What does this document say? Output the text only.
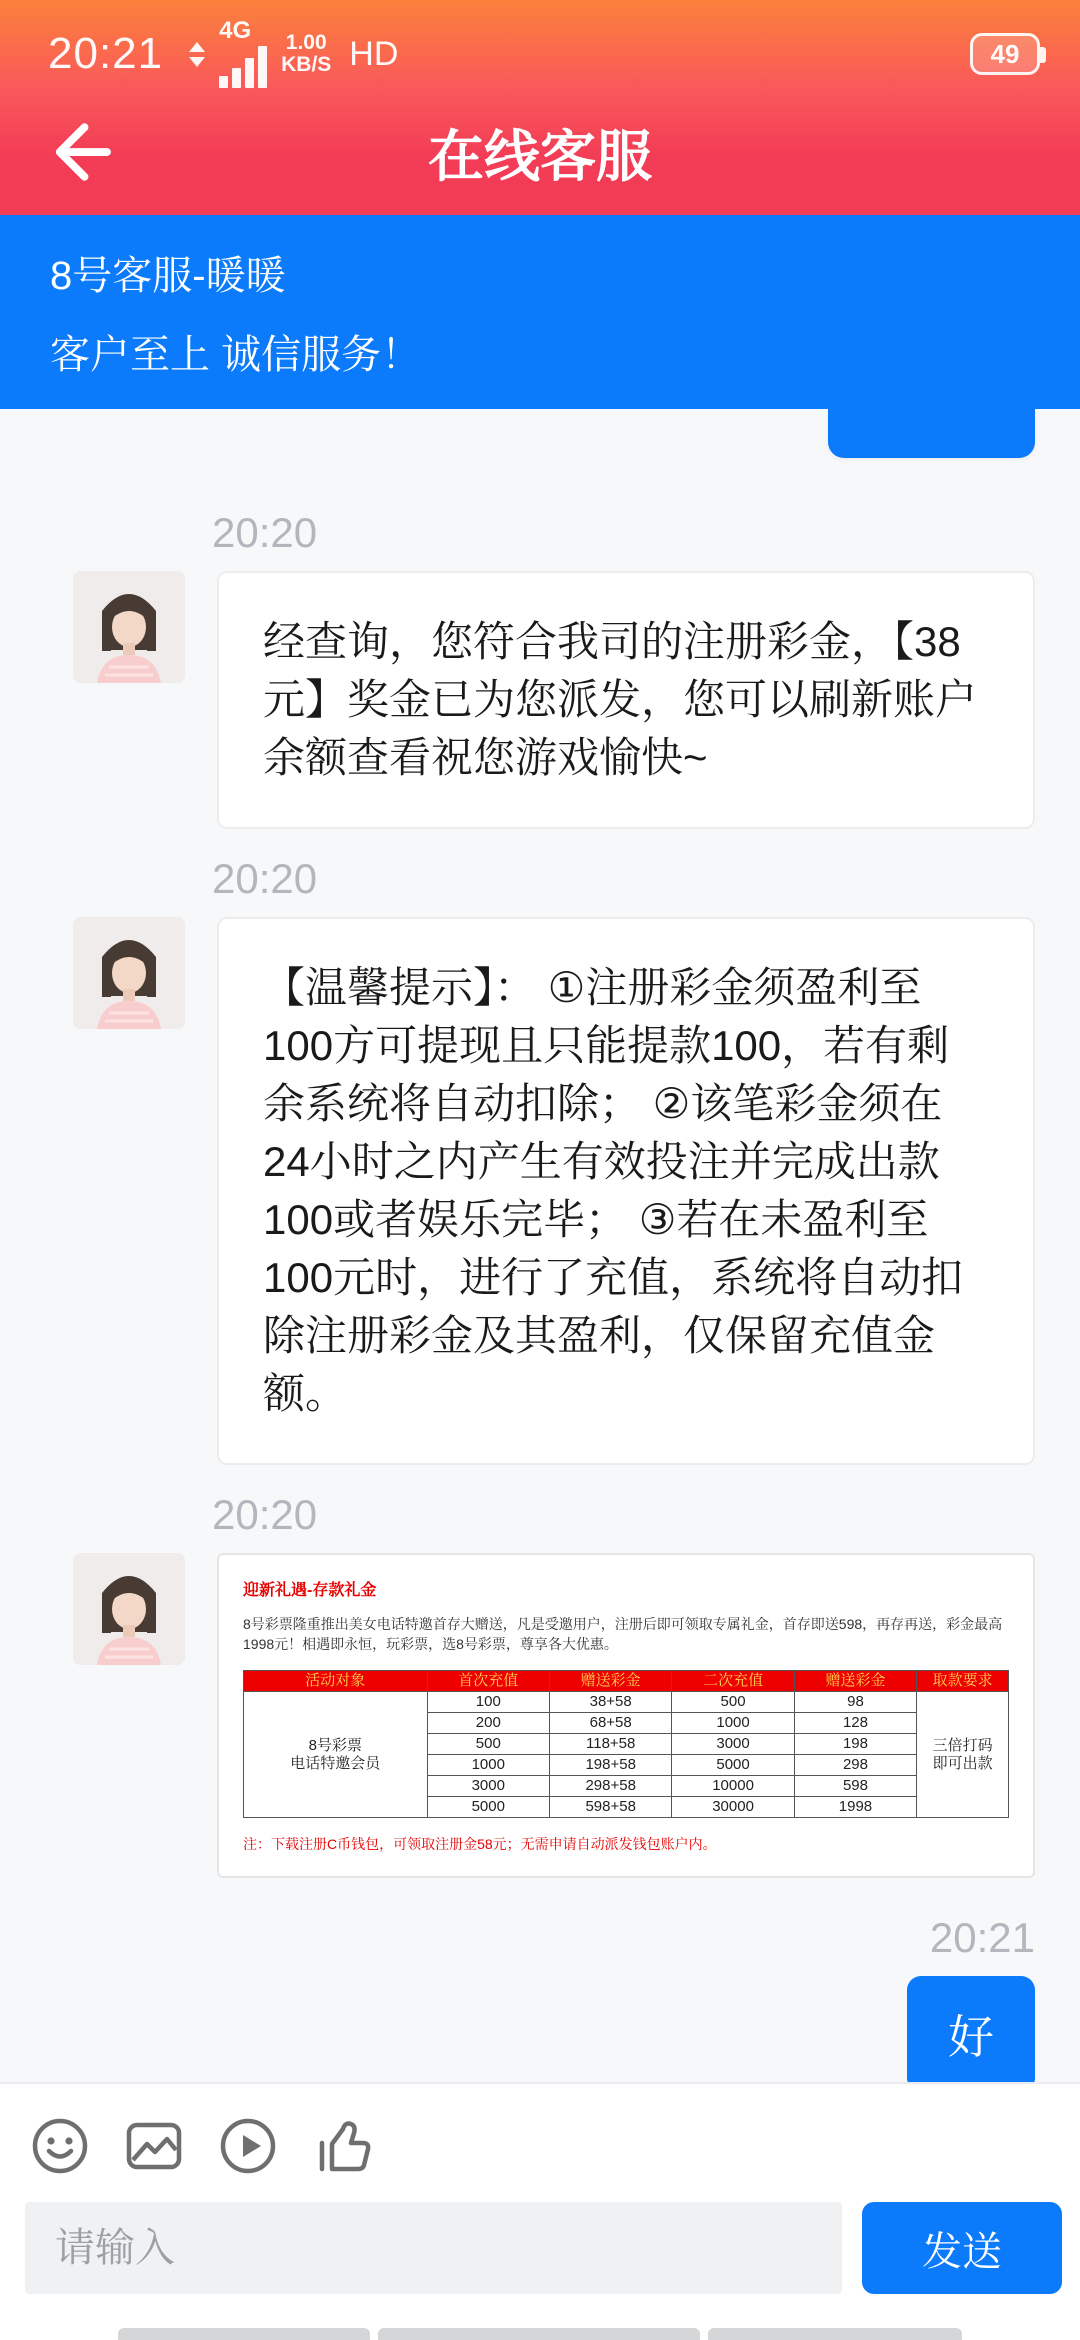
20:21 4G 1.00
KB/S HD	49
在线客服
8号客服-暖暖
客户至上 诚信服务！
20:20
经查询，您符合我司的注册彩金，【38元】奖金已为您派发，您可以刷新账户余额查看祝您游戏愉快~
20:20
【温馨提示】： ①注册彩金须盈利至100方可提现且只能提款100，若有剩余系统将自动扣除； ②该笔彩金须在24小时之内产生有效投注并完成出款100或者娱乐完毕； ③若在未盈利至100元时，进行了充值，系统将自动扣除注册彩金及其盈利，仅保留充值金额。
20:20
迎新礼遇-存款礼金
8号彩票隆重推出美女电话特邀首存大赠送，凡是受邀用户，注册后即可领取专属礼金，首存即送598，再存再送，彩金最高1998元！相遇即永恒，玩彩票，选8号彩票，尊享各大优惠。
活动对象	首次充值	赠送彩金	二次充值	赠送彩金	取款要求
8号彩票
电话特邀会员	100	38+58	500	98	三倍打码
即可出款
	200	68+58	1000	128	
	500	118+58	3000	198	
	1000	198+58	5000	298	
	3000	298+58	10000	598	
	5000	598+58	30000	1998	
注：下载注册C币钱包，可领取注册金58元；无需申请自动派发钱包账户内。
20:21
好
请输入
发送
